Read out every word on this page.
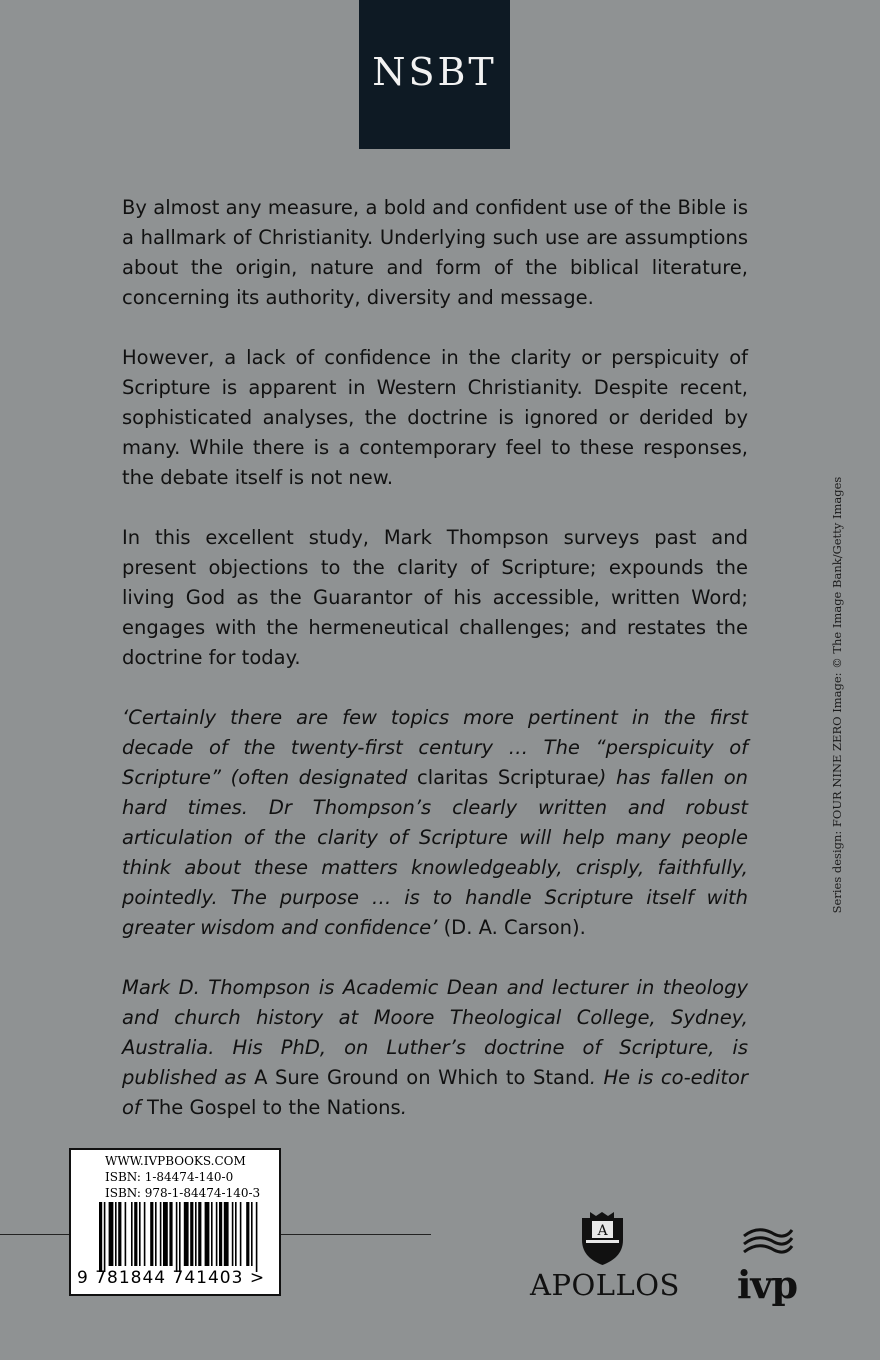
NSBT

By almost any measure, a bold and confident use of the Bible is a hallmark of Christianity. Underlying such use are assumptions about the origin, nature and form of the biblical literature, concerning its authority, diversity and message.

However, a lack of confidence in the clarity or perspicuity of Scripture is apparent in Western Christianity. Despite recent, sophisticated analyses, the doctrine is ignored or derided by many. While there is a contemporary feel to these responses, the debate itself is not new.

In this excellent study, Mark Thompson surveys past and present objections to the clarity of Scripture; expounds the living God as the Guarantor of his accessible, written Word; engages with the hermeneutical challenges; and restates the doctrine for today.

‘Certainly there are few topics more pertinent in the first decade of the twenty-first century … The “perspicuity of Scripture” (often designated claritas Scripturae) has fallen on hard times. Dr Thompson’s clearly written and robust articulation of the clarity of Scripture will help many people think about these matters knowledgeably, crisply, faithfully, pointedly. The purpose … is to handle Scripture itself with greater wisdom and confidence’ (D. A. Carson).

Mark D. Thompson is Academic Dean and lecturer in theology and church history at Moore Theological College, Sydney, Australia. His PhD, on Luther’s doctrine of Scripture, is published as A Sure Ground on Which to Stand. He is co-editor of The Gospel to the Nations.

Series design: FOUR NINE ZERO Image: © The Image Bank/Getty Images
WWW.IVPBOOKS.COM
ISBN: 1-84474-140-0
ISBN: 978-1-84474-140-3
9 781844 741403 >
A
APOLLOS ivp
